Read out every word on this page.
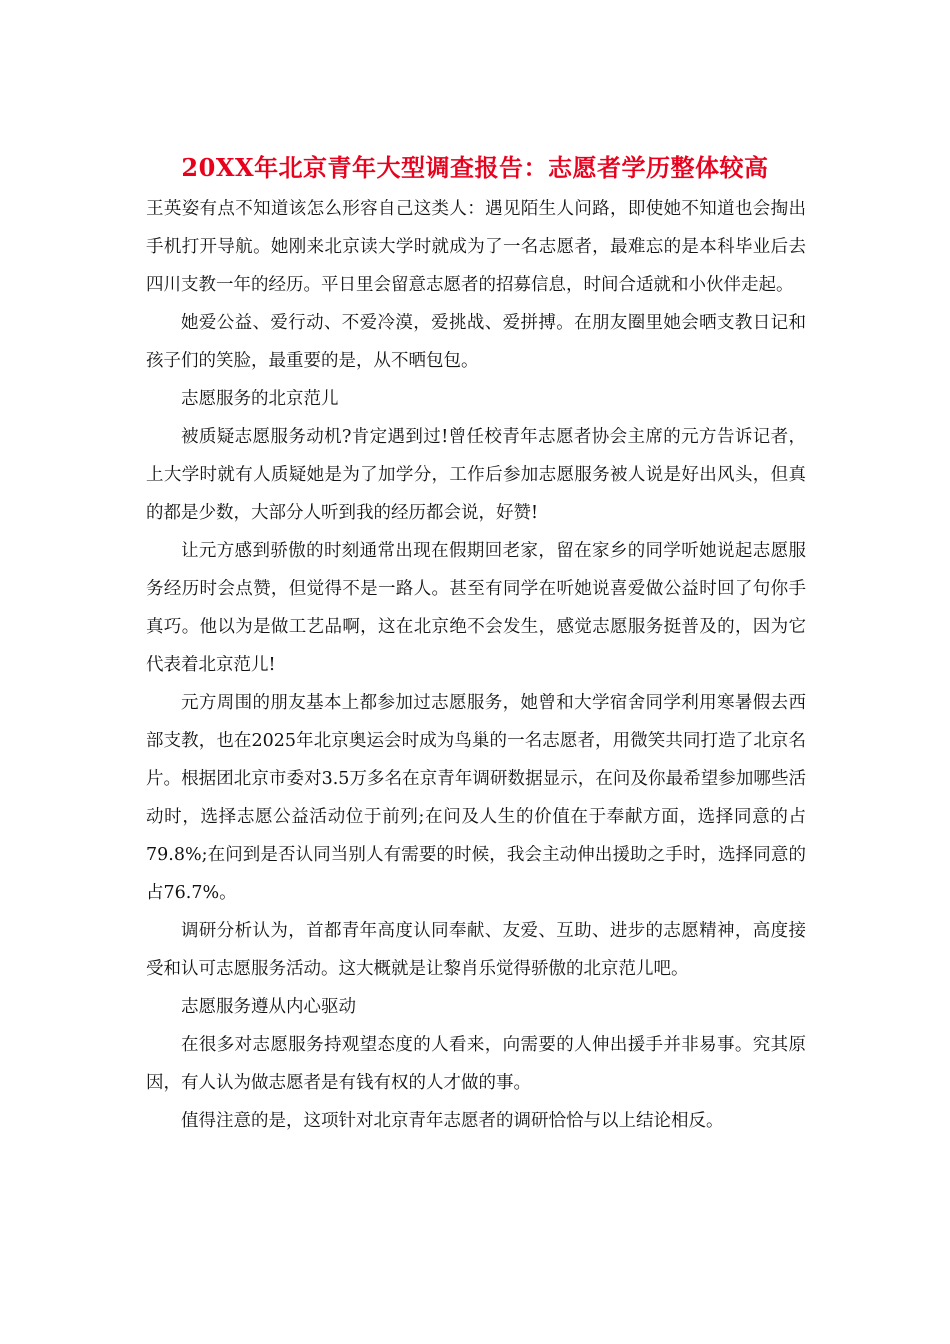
20XX年北京青年大型调查报告：志愿者学历整体较高

王英姿有点不知道该怎么形容自己这类人：遇见陌生人问路，即使她不知道也会掏出手机打开导航。她刚来北京读大学时就成为了一名志愿者，最难忘的是本科毕业后去四川支教一年的经历。平日里会留意志愿者的招募信息，时间合适就和小伙伴走起。

她爱公益、爱行动、不爱冷漠，爱挑战、爱拼搏。在朋友圈里她会晒支教日记和孩子们的笑脸，最重要的是，从不晒包包。

志愿服务的北京范儿

被质疑志愿服务动机?肯定遇到过!曾任校青年志愿者协会主席的元方告诉记者，上大学时就有人质疑她是为了加学分，工作后参加志愿服务被人说是好出风头，但真的都是少数，大部分人听到我的经历都会说，好赞!

让元方感到骄傲的时刻通常出现在假期回老家，留在家乡的同学听她说起志愿服务经历时会点赞，但觉得不是一路人。甚至有同学在听她说喜爱做公益时回了句你手真巧。他以为是做工艺品啊，这在北京绝不会发生，感觉志愿服务挺普及的，因为它代表着北京范儿!

元方周围的朋友基本上都参加过志愿服务，她曾和大学宿舍同学利用寒暑假去西部支教，也在2025年北京奥运会时成为鸟巢的一名志愿者，用微笑共同打造了北京名片。根据团北京市委对3.5万多名在京青年调研数据显示，在问及你最希望参加哪些活动时，选择志愿公益活动位于前列;在问及人生的价值在于奉献方面，选择同意的占79.8%;在问到是否认同当别人有需要的时候，我会主动伸出援助之手时，选择同意的占76.7%。

调研分析认为，首都青年高度认同奉献、友爱、互助、进步的志愿精神，高度接受和认可志愿服务活动。这大概就是让黎肖乐觉得骄傲的北京范儿吧。

志愿服务遵从内心驱动

在很多对志愿服务持观望态度的人看来，向需要的人伸出援手并非易事。究其原因，有人认为做志愿者是有钱有权的人才做的事。

值得注意的是，这项针对北京青年志愿者的调研恰恰与以上结论相反。
